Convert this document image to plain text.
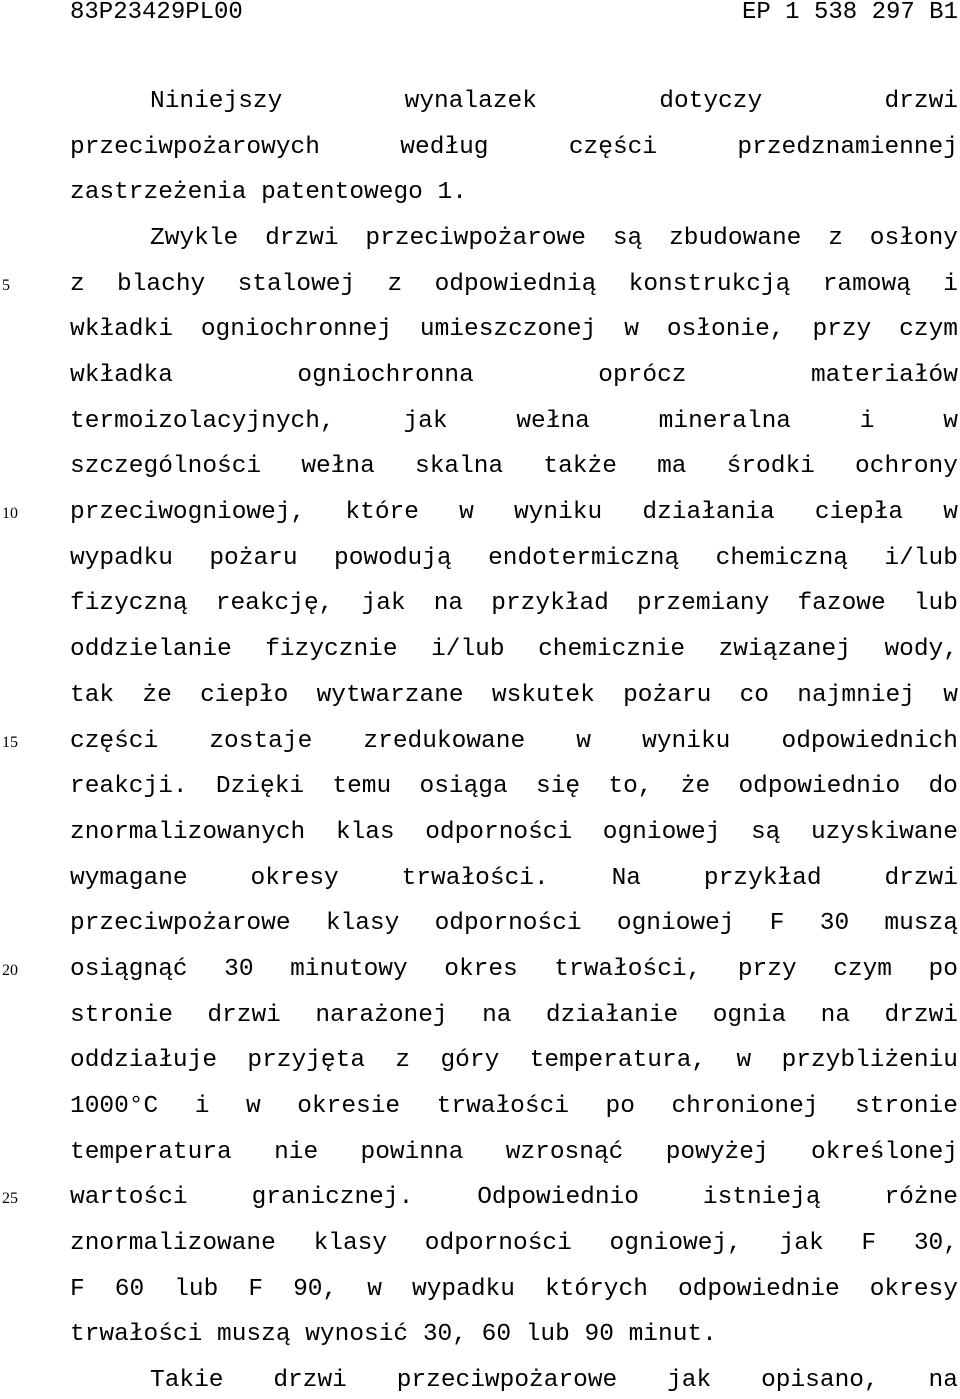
83P23429PL00	EP 1 538 297 B1
5
10
15
20
25
Niniejszy	wynalazek	dotyczy	drzwi
przeciwpożarowych	według	części	przedznamiennej
zastrzeżenia patentowego 1.
Zwykle drzwi przeciwpożarowe są zbudowane z osłony
z blachy stalowej z odpowiednią konstrukcją ramową i
wkładki ogniochronnej umieszczonej w osłonie, przy czym
wkładka	ogniochronna	oprócz	materiałów
termoizolacyjnych,	jak	wełna	mineralna	i	w
szczególności wełna skalna także ma środki ochrony
przeciwogniowej, które w wyniku działania ciepła w
wypadku pożaru powodują endotermiczną chemiczną i/lub
fizyczną reakcję, jak na przykład przemiany fazowe lub
oddzielanie fizycznie i/lub chemicznie związanej wody,
tak że ciepło wytwarzane wskutek pożaru co najmniej w
części zostaje zredukowane w wyniku odpowiednich
reakcji. Dzięki temu osiąga się to, że odpowiednio do
znormalizowanych klas odporności ogniowej są uzyskiwane
wymagane	okresy	trwałości.	Na	przykład	drzwi
przeciwpożarowe klasy odporności ogniowej F 30 muszą
osiągnąć 30 minutowy okres trwałości, przy czym po
stronie drzwi narażonej na działanie ognia na drzwi
oddziałuje przyjęta z góry temperatura, w przybliżeniu
1000°C i w okresie trwałości po chronionej stronie
temperatura nie powinna wzrosnąć powyżej określonej
wartości	granicznej.	Odpowiednio	istnieją	różne
znormalizowane klasy odporności ogniowej, jak F 30,
F 60 lub F 90, w wypadku których odpowiednie okresy
trwałości muszą wynosić 30, 60 lub 90 minut.
Takie drzwi przeciwpożarowe jak opisano, na
